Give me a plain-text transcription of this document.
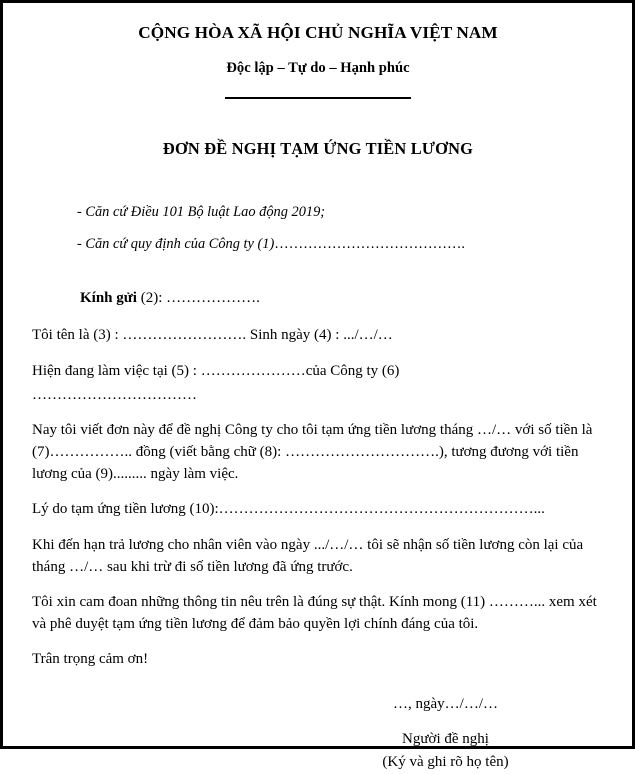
CỘNG HÒA XÃ HỘI CHỦ NGHĨA VIỆT NAM
Độc lập – Tự do – Hạnh phúc
ĐƠN ĐỀ NGHỊ TẠM ỨNG TIỀN LƯƠNG
- Căn cứ Điều 101 Bộ luật Lao động 2019;
- Căn cứ quy định của Công ty (1)………………………………….
Kính gửi (2): ……………….
Tôi tên là (3) : ……………………. Sinh ngày (4) : .../…/…
Hiện đang làm việc tại (5) : …………………của Công ty (6)
……………………………
Nay tôi viết đơn này để đề nghị Công ty cho tôi tạm ứng tiền lương tháng …/… với số tiền là (7)…………….. đồng (viết bằng chữ (8): ………………………….), tương đương với tiền lương của (9)......... ngày làm việc.
Lý do tạm ứng tiền lương (10):………………………………………………………...
Khi đến hạn trả lương cho nhân viên vào ngày .../…/… tôi sẽ nhận số tiền lương còn lại của tháng …/… sau khi trừ đi số tiền lương đã ứng trước.
Tôi xin cam đoan những thông tin nêu trên là đúng sự thật. Kính mong (11) ………... xem xét và phê duyệt tạm ứng tiền lương để đảm bảo quyền lợi chính đáng của tôi.
Trân trọng cảm ơn!
…, ngày…/…/…
Người đề nghị
(Ký và ghi rõ họ tên)
